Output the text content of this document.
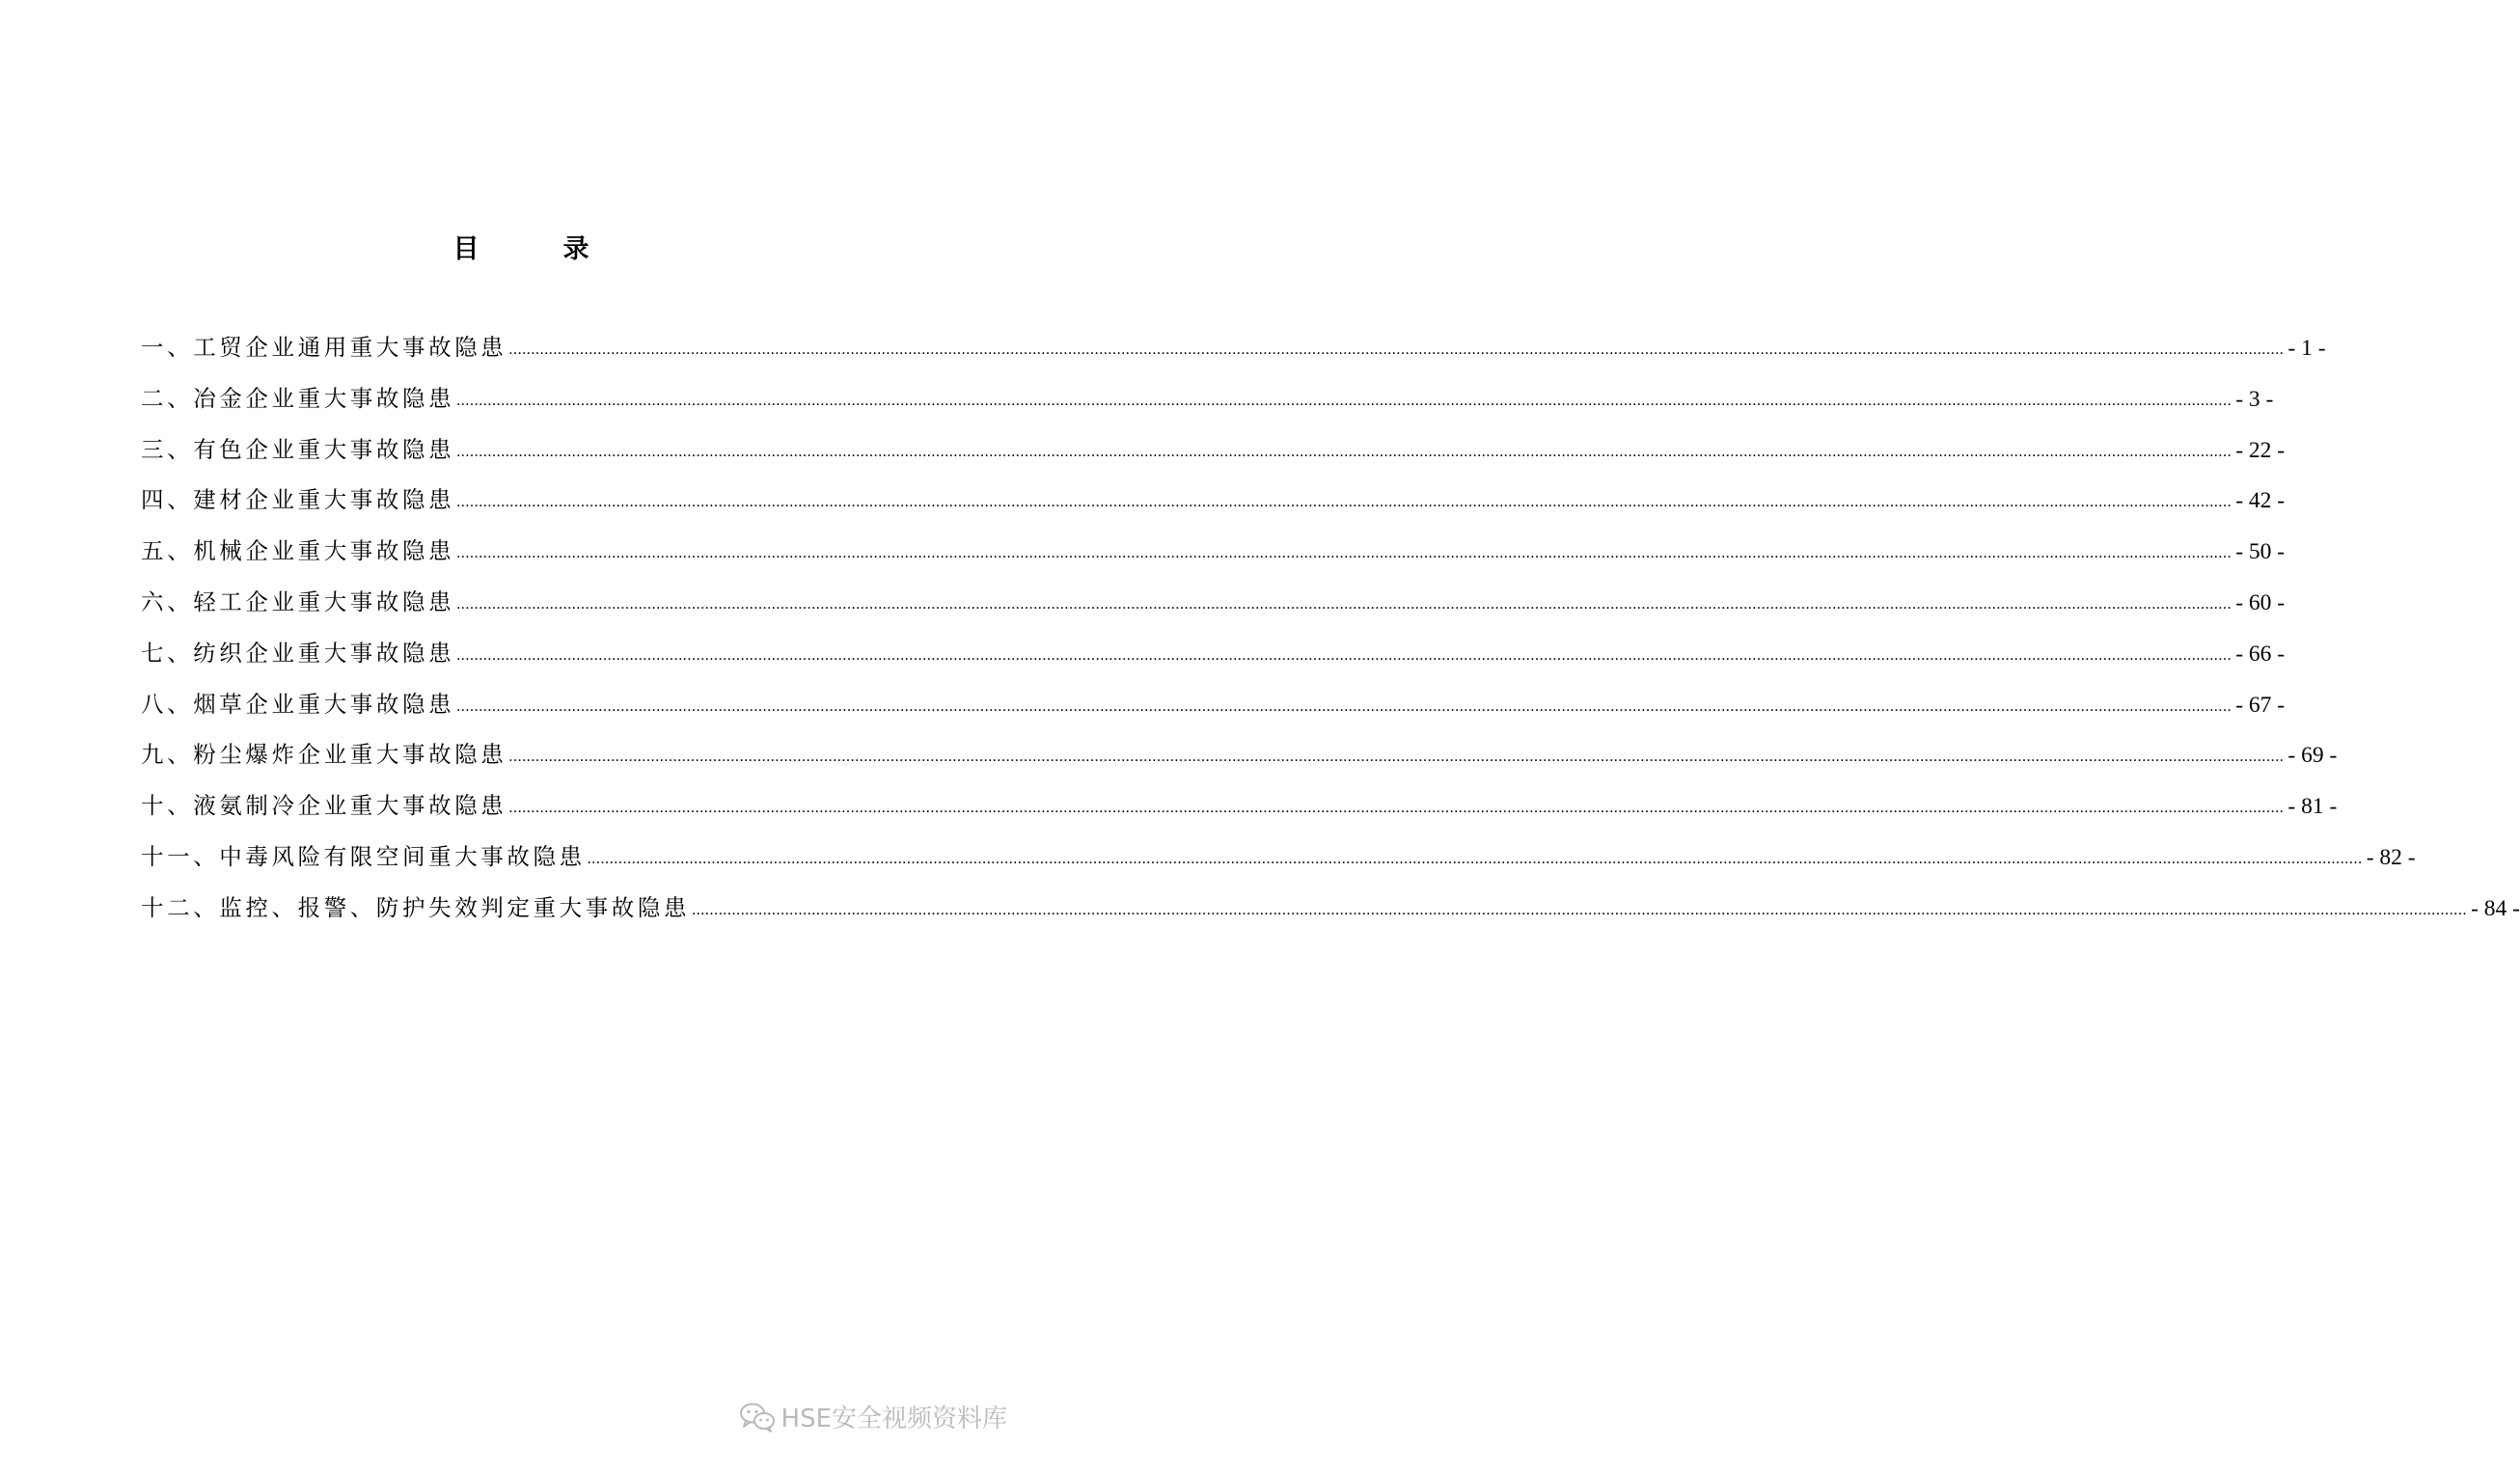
目　录
一、工贸企业通用重大事故隐患 ................................................................................................................................................................................................................................................................................................................................................................................................................ - 1 -
二、冶金企业重大事故隐患 ................................................................................................................................................................................................................................................................................................................................................................................................................ - 3 -
三、有色企业重大事故隐患 ................................................................................................................................................................................................................................................................................................................................................................................................................ - 22 -
四、建材企业重大事故隐患 ................................................................................................................................................................................................................................................................................................................................................................................................................ - 42 -
五、机械企业重大事故隐患 ................................................................................................................................................................................................................................................................................................................................................................................................................ - 50 -
六、轻工企业重大事故隐患 ................................................................................................................................................................................................................................................................................................................................................................................................................ - 60 -
七、纺织企业重大事故隐患 ................................................................................................................................................................................................................................................................................................................................................................................................................ - 66 -
八、烟草企业重大事故隐患 ................................................................................................................................................................................................................................................................................................................................................................................................................ - 67 -
九、粉尘爆炸企业重大事故隐患 ................................................................................................................................................................................................................................................................................................................................................................................................................ - 69 -
十、液氨制冷企业重大事故隐患 ................................................................................................................................................................................................................................................................................................................................................................................................................ - 81 -
十一、中毒风险有限空间重大事故隐患 ................................................................................................................................................................................................................................................................................................................................................................................................................ - 82 -
十二、监控、报警、防护失效判定重大事故隐患 ................................................................................................................................................................................................................................................................................................................................................................................................................ - 84 -
HSE安全视频资料库
